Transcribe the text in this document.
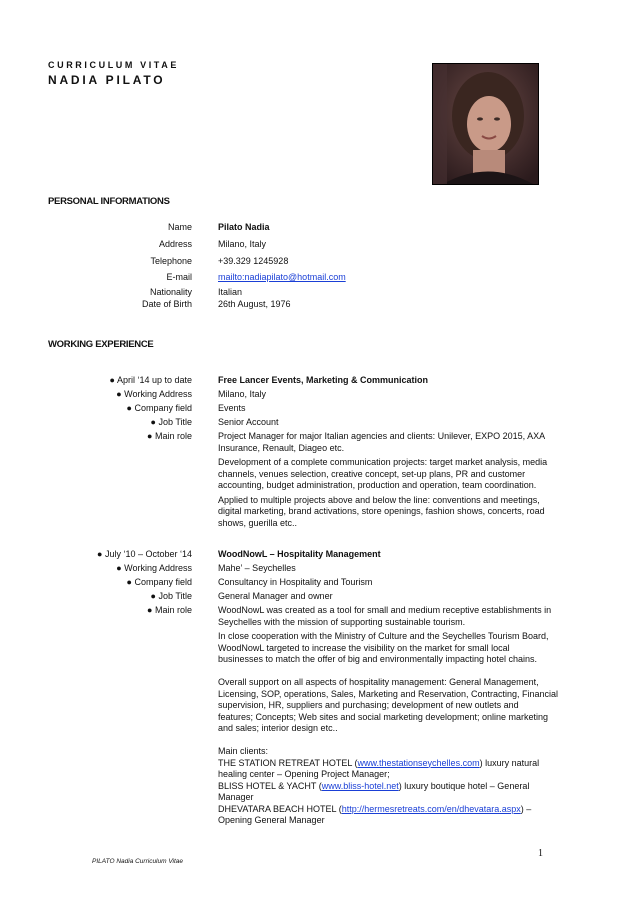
CURRICULUM VITAE
NADIA PILATO
PERSONAL INFORMATIONS
Name	Pilato Nadia
Address	Milano, Italy
Telephone	+39.329 1245928
E-mail	mailto:nadiapilato@hotmail.com
Nationality	Italian
Date of Birth	26th August, 1976
WORKING EXPERIENCE
● April ‘14 up to date	Free Lancer Events, Marketing & Communication
● Working Address	Milano, Italy
● Company field	Events
● Job Title	Senior Account
● Main role	Project Manager for major Italian agencies and clients: Unilever, EXPO 2015, AXA
Insurance, Renault, Diageo etc.
Development of a complete communication projects: target market analysis, media
channels, venues selection, creative concept, set-up plans, PR and customer
accounting, budget administration, production and operation, team coordination.
Applied to multiple projects above and below the line: conventions and meetings,
digital marketing, brand activations, store openings, fashion shows, concerts, road
shows, guerilla etc..
● July ‘10 – October ‘14	WoodNowL – Hospitality Management
● Working Address	Mahe’ – Seychelles
● Company field	Consultancy in Hospitality and Tourism
● Job Title	General Manager and owner
● Main role	WoodNowL was created as a tool for small and medium receptive establishments in
Seychelles with the mission of supporting sustainable tourism.
In close cooperation with the Ministry of Culture and the Seychelles Tourism Board,
WoodNowL targeted to increase the visibility on the market for small local
businesses to match the offer of big and environmentally impacting hotel chains.
Overall support on all aspects of hospitality management: General Management,
Licensing, SOP, operations, Sales, Marketing and Reservation, Contracting, Financial
supervision, HR, suppliers and purchasing; development of new outlets and
features; Concepts; Web sites and social marketing development; online marketing
and sales; interior design etc..
Main clients:
THE STATION RETREAT HOTEL (www.thestationseychelles.com) luxury natural
healing center – Opening Project Manager;
BLISS HOTEL & YACHT (www.bliss-hotel.net) luxury boutique hotel – General
Manager
DHEVATARA BEACH HOTEL (http://hermesretreats.com/en/dhevatara.aspx) –
Opening General Manager
1
PILATO Nadia Curriculum Vitae
